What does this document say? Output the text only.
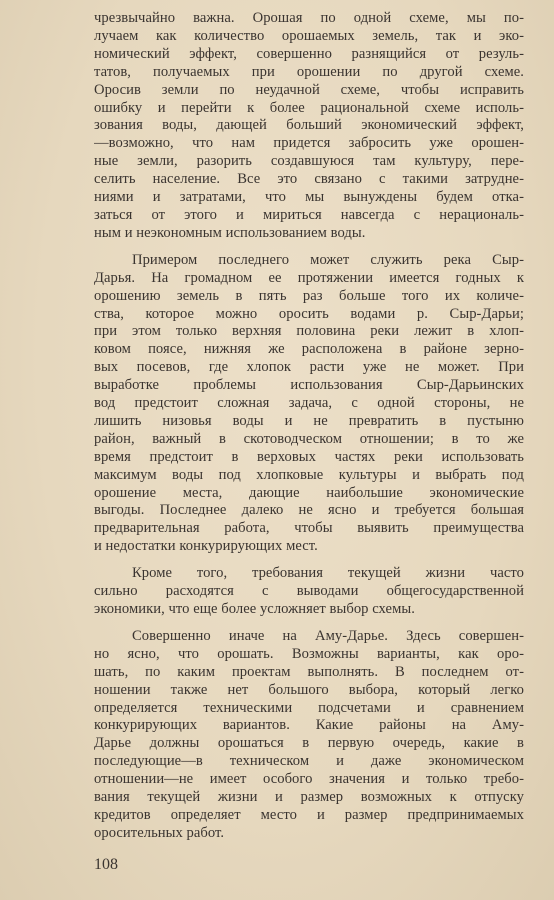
чрезвычайно важна. Орошая по одной схеме, мы по-
лучаем как количество орошаемых земель, так и эко-
номический эффект, совершенно разнящийся от резуль-
татов, получаемых при орошении по другой схеме.
Оросив земли по неудачной схеме, чтобы исправить
ошибку и перейти к более рациональной схеме исполь-
зования воды, дающей больший экономический эффект,
—возможно, что нам придется забросить уже орошен-
ные земли, разорить создавшуюся там культуру, пере-
селить население. Все это связано с такими затрудне-
ниями и затратами, что мы вынуждены будем отка-
заться от этого и мириться навсегда с нерациональ-
ным и неэкономным использованием воды.

Примером последнего может служить река Сыр-
Дарья. На громадном ее протяжении имеется годных к
орошению земель в пять раз больше того их количе-
ства, которое можно оросить водами р. Сыр-Дарьи;
при этом только верхняя половина реки лежит в хлоп-
ковом поясе, нижняя же расположена в районе зерно-
вых посевов, где хлопок расти уже не может. При
выработке проблемы использования Сыр-Дарьинских
вод предстоит сложная задача, с одной стороны, не
лишить низовья воды и не превратить в пустыню
район, важный в скотоводческом отношении; в то же
время предстоит в верховых частях реки использовать
максимум воды под хлопковые культуры и выбрать под
орошение места, дающие наибольшие экономические
выгоды. Последнее далеко не ясно и требуется большая
предварительная работа, чтобы выявить преимущества
и недостатки конкурирующих мест.

Кроме того, требования текущей жизни часто
сильно расходятся с выводами общегосударственной
экономики, что еще более усложняет выбор схемы.

Совершенно иначе на Аму-Дарье. Здесь совершен-
но ясно, что орошать. Возможны варианты, как оро-
шать, по каким проектам выполнять. В последнем от-
ношении также нет большого выбора, который легко
определяется техническими подсчетами и сравнением
конкурирующих вариантов. Какие районы на Аму-
Дарье должны орошаться в первую очередь, какие в
последующие—в техническом и даже экономическом
отношении—не имеет особого значения и только требо-
вания текущей жизни и размер возможных к отпуску
кредитов определяет место и размер предпринимаемых
оросительных работ.

108
